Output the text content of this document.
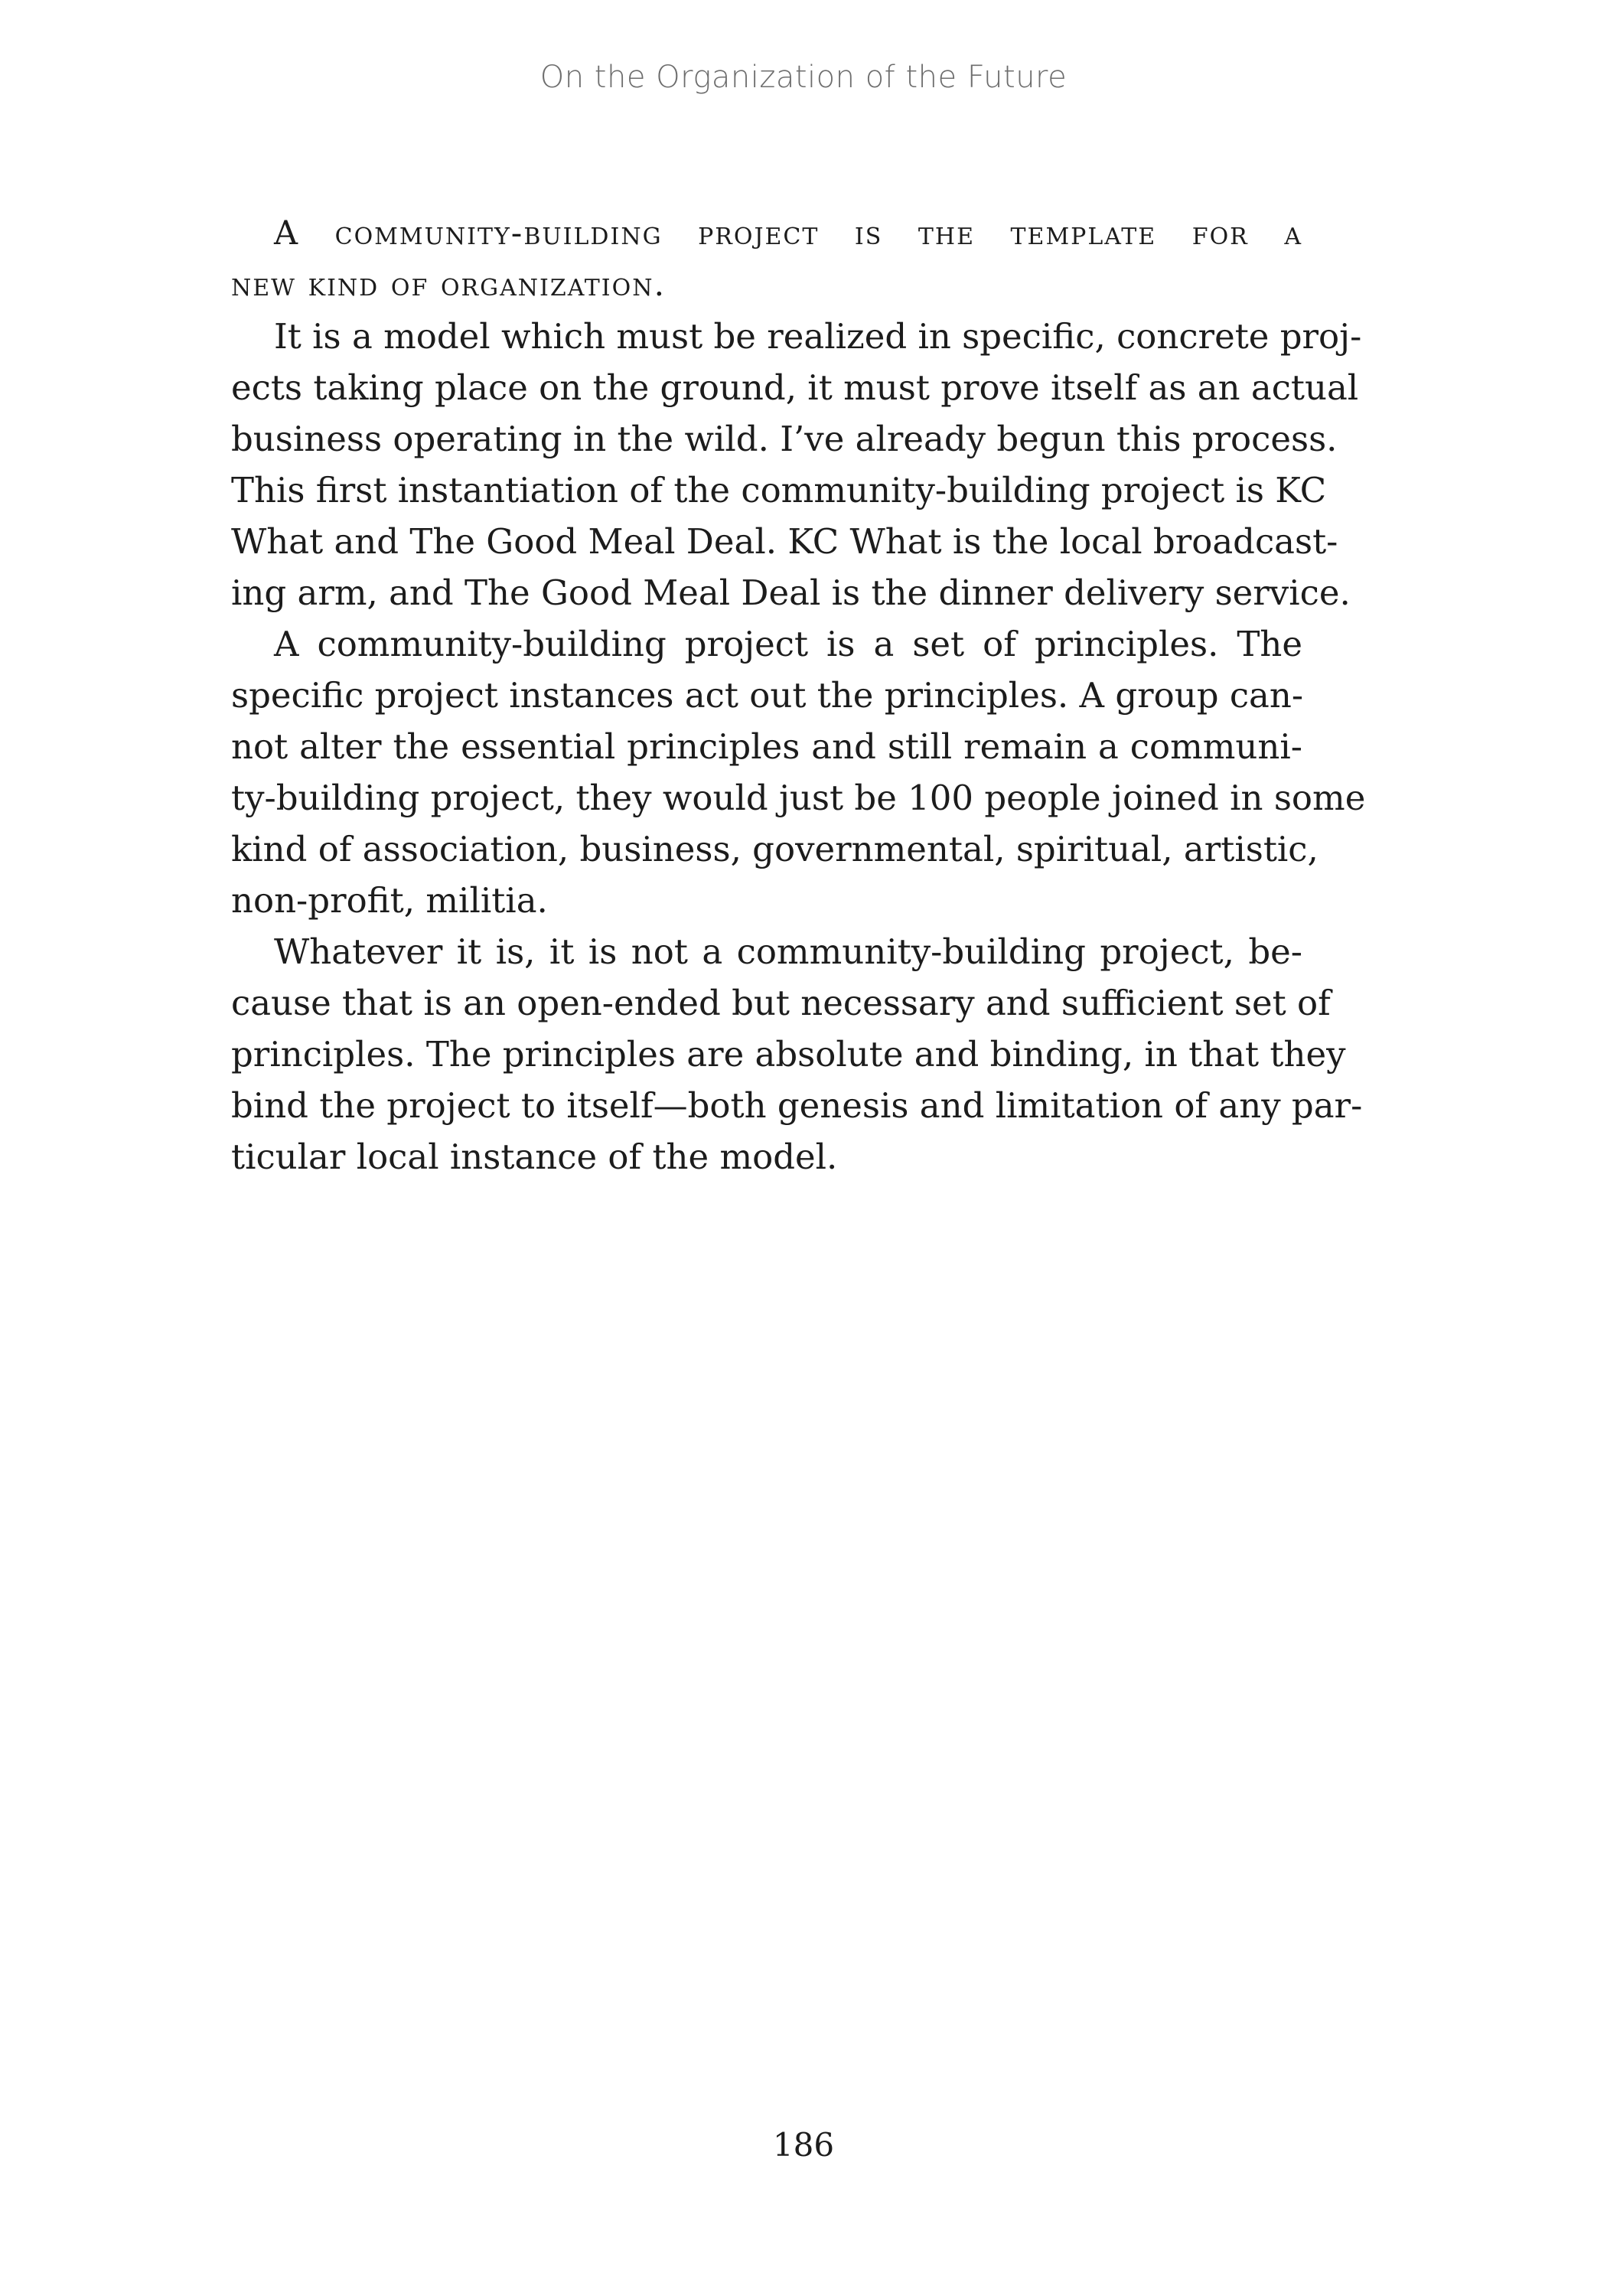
On the Organization of the Future
A community-building project is the template for a
new kind of organization.
It is a model which must be realized in specific, concrete proj-
ects taking place on the ground, it must prove itself as an actual
business operating in the wild. I’ve already begun this process.
This first instantiation of the community-building project is KC
What and The Good Meal Deal. KC What is the local broadcast-
ing arm, and The Good Meal Deal is the dinner delivery service.
A community-building project is a set of principles. The
specific project instances act out the principles. A group can-
not alter the essential principles and still remain a communi-
ty-building project, they would just be 100 people joined in some
kind of association, business, governmental, spiritual, artistic,
non-profit, militia.
Whatever it is, it is not a community-building project, be-
cause that is an open-ended but necessary and sufficient set of
principles. The principles are absolute and binding, in that they
bind the project to itself—both genesis and limitation of any par-
ticular local instance of the model.
186
